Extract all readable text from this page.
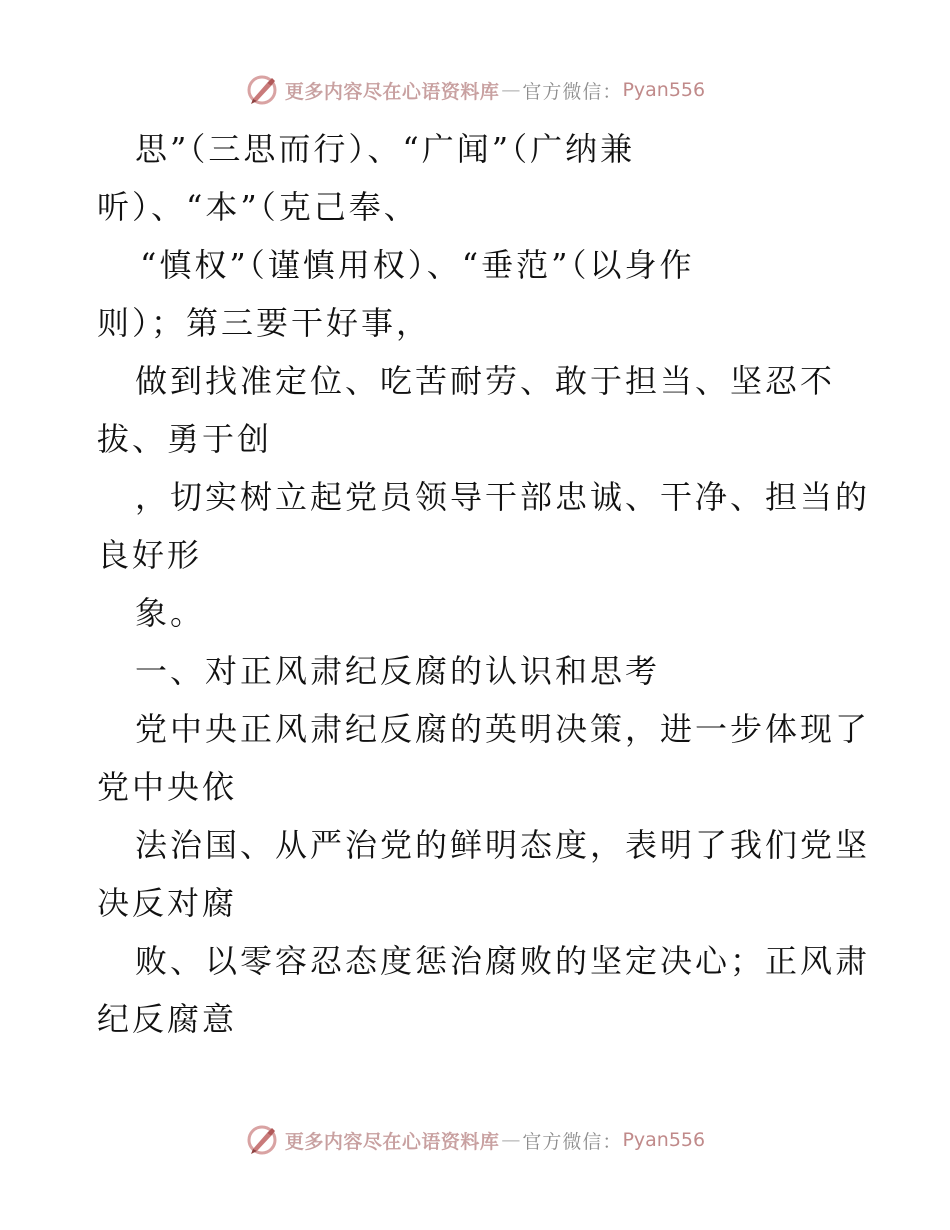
更多内容尽在心语资料库 — 官方微信： Pyan556
思”（三思而行）、“广闻”（广纳兼
听）、“本”（克己奉、
“慎权”（谨慎用权）、“垂范”（以身作
则）；第三要干好事，
做到找准定位、吃苦耐劳、敢于担当、坚忍不
拔、勇于创
，切实树立起党员领导干部忠诚、干净、担当的
良好形
象。
一、对正风肃纪反腐的认识和思考
党中央正风肃纪反腐的英明决策，进一步体现了
党中央依
法治国、从严治党的鲜明态度，表明了我们党坚
决反对腐
败、以零容忍态度惩治腐败的坚定决心；正风肃
纪反腐意
更多内容尽在心语资料库 — 官方微信： Pyan556
